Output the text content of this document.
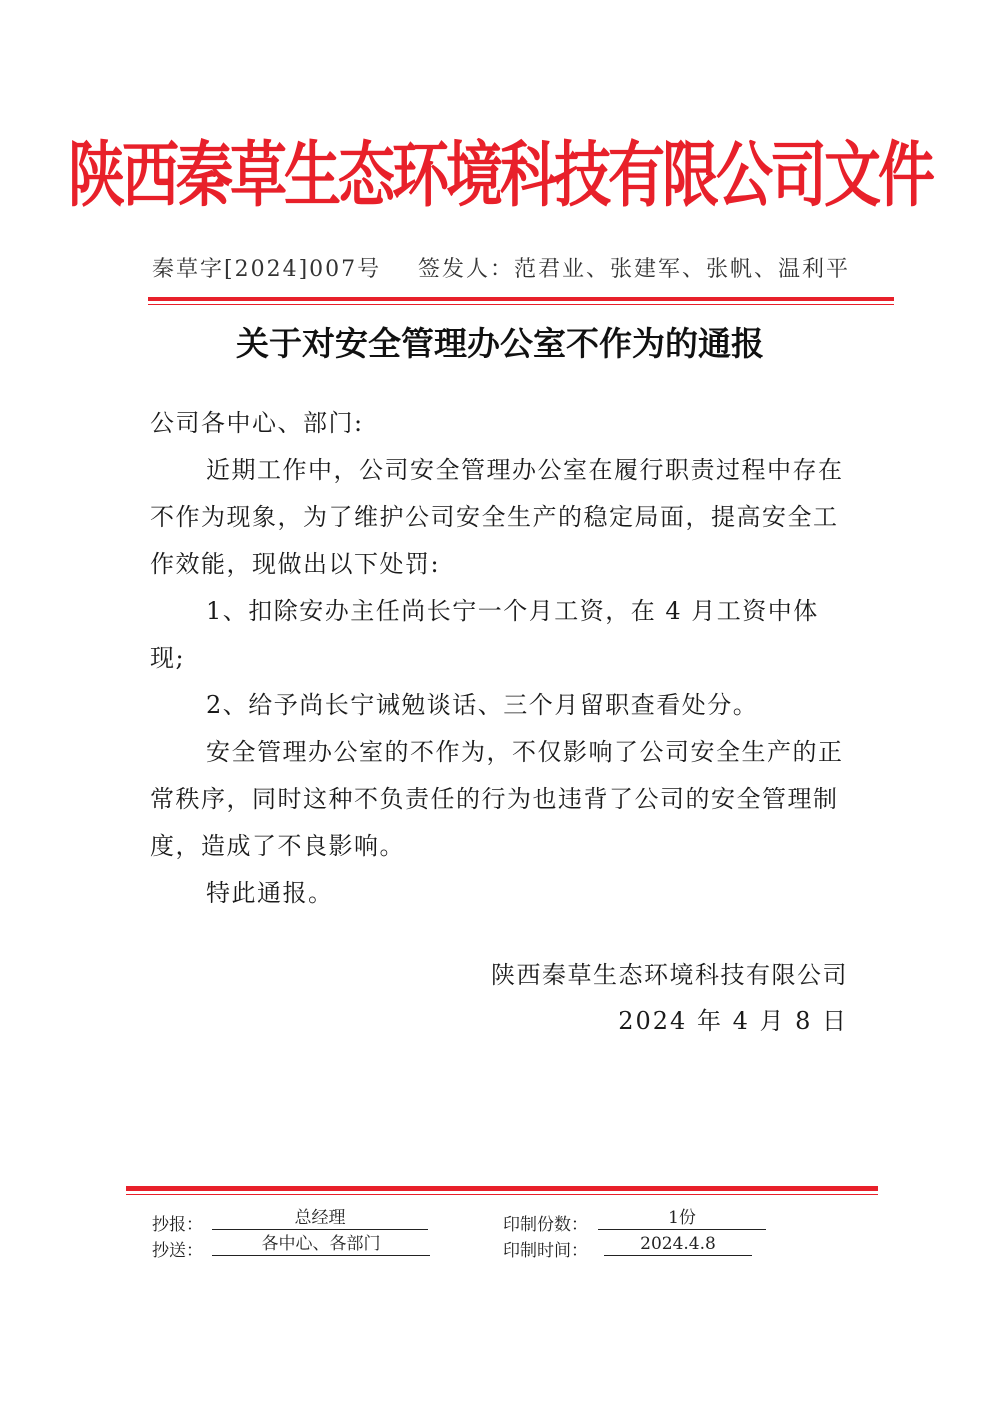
陕西秦草生态环境科技有限公司文件
秦草字[2024]007号 签发人：范君业、张建军、张帆、温利平
关于对安全管理办公室不作为的通报

公司各中心、部门:

近期工作中，公司安全管理办公室在履行职责过程中存在不作为现象，为了维护公司安全生产的稳定局面，提高安全工作效能，现做出以下处罚:

1、扣除安办主任尚长宁一个月工资，在 4 月工资中体现;

2、给予尚长宁诫勉谈话、三个月留职查看处分。

安全管理办公室的不作为，不仅影响了公司安全生产的正常秩序，同时这种不负责任的行为也违背了公司的安全管理制度，造成了不良影响。

特此通报。

陕西秦草生态环境科技有限公司
2024 年 4 月 8 日
抄报：	总经理
抄送：	各中心、各部门
印制份数：	1份
印制时间：	2024.4.8
